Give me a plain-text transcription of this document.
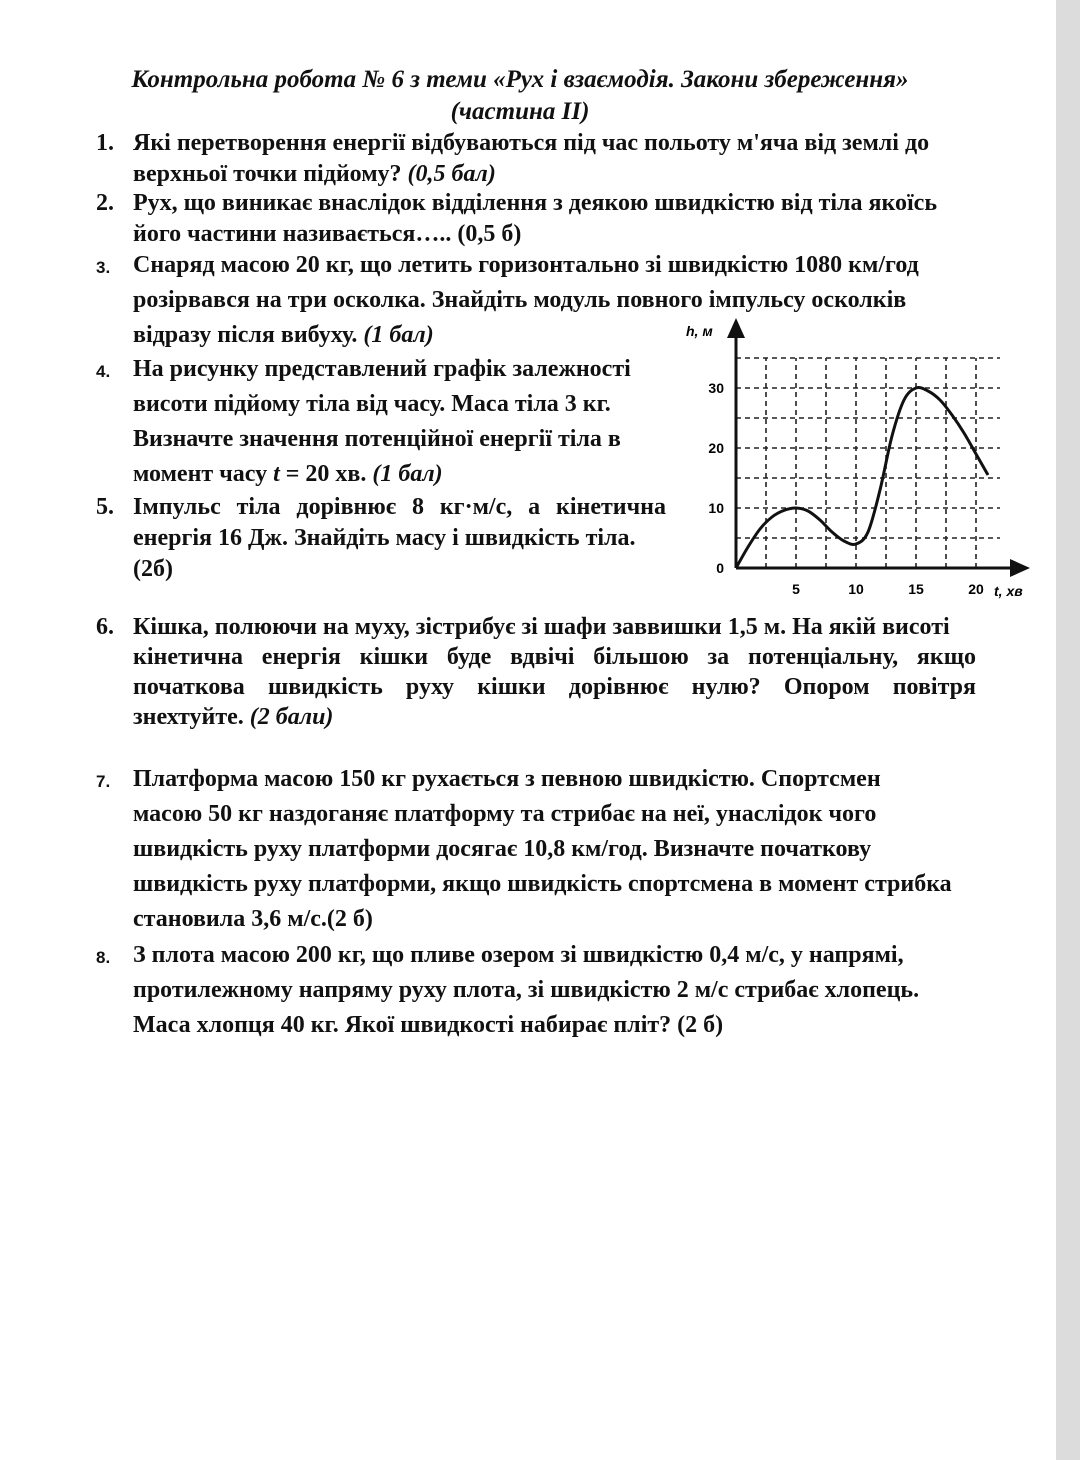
Контрольна робота № 6 з теми «Рух і взаємодія. Закони збереження»
(частина ІІ)
1. Які перетворення енергії відбуваються під час польоту м'яча від землі до
верхньої точки підйому? (0,5 бал)
2. Рух, що виникає внаслідок відділення з деякою швидкістю від тіла якоїсь
його частини називається….. (0,5 б)
3. Снаряд масою 20 кг, що летить горизонтально зі швидкістю 1080 км/год
розірвався на три осколка. Знайдіть модуль повного імпульсу осколків
відразу після вибуху. (1 бал)
4. На рисунку представлений графік залежності
висоти підйому тіла від часу. Маса тіла 3 кг.
Визначте значення потенційної енергії тіла в
момент часу t = 20 хв. (1 бал)
5. Імпульс тіла дорівнює 8 кг·м/с, а кінетична
енергія 16 Дж. Знайдіть масу і швидкість тіла.
(2б)
5	10	15	20
0
10
20
30
h, м
t, хв
6. Кішка, полюючи на муху, зістрибує зі шафи заввишки 1,5 м. На якій висоті
кінетична енергія кішки буде вдвічі більшою за потенціальну, якщо
початкова швидкість руху кішки дорівнює нулю? Опором повітря
знехтуйте. (2 бали)
7. Платформа масою 150 кг рухається з певною швидкістю. Спортсмен
масою 50 кг наздоганяє платформу та стрибає на неї, унаслідок чого
швидкість руху платформи досягає 10,8 км/год. Визначте початкову
швидкість руху платформи, якщо швидкість спортсмена в момент стрибка
становила 3,6 м/с.(2 б)
8. З плота масою 200 кг, що пливе озером зі швидкістю 0,4 м/с, у напрямі,
протилежному напряму руху плота, зі швидкістю 2 м/с стрибає хлопець.
Маса хлопця 40 кг. Якої швидкості набирає пліт? (2 б)
